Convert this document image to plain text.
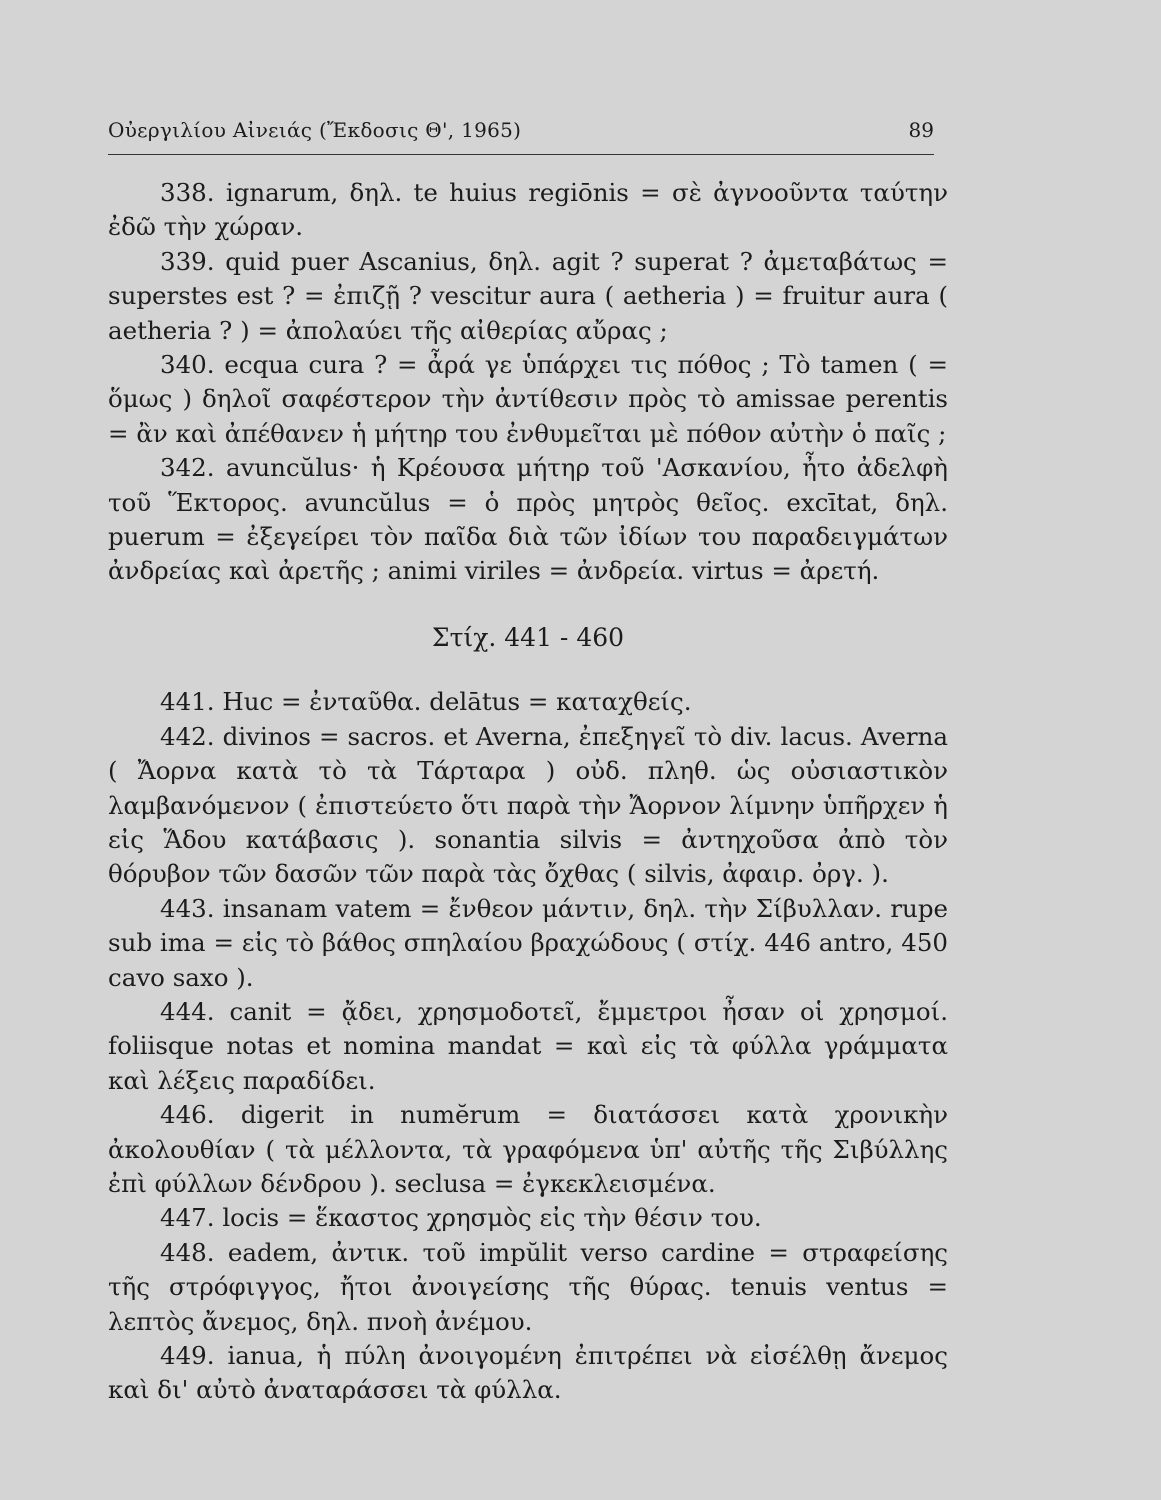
Οὐεργιλίου Αἰνειάς (Ἔκδοσις Θ', 1965)	89

338. ignarum, δηλ. te huius regiōnis = σὲ ἀγνοοῦντα ταύτην ἐδῶ τὴν χώραν.

339. quid puer Ascanius, δηλ. agit ? superat ? ἀμεταβάτως = superstes est ? = ἐπιζῇ ? vescitur aura ( aetheria ) = fruitur aura ( aetheria ? ) = ἀπολαύει τῆς αἰθερίας αὔρας ;

340. ecqua cura ? = ἆρά γε ὑπάρχει τις πόθος ; Τὸ tamen ( = ὅμως ) δηλοῖ σαφέστερον τὴν ἀντίθεσιν πρὸς τὸ amissae perentis = ἂν καὶ ἀπέθανεν ἡ μήτηρ του ἐνθυμεῖται μὲ πόθον αὐτὴν ὁ παῖς ;

342. avuncŭlus· ἡ Κρέουσα μήτηρ τοῦ 'Ασκανίου, ἦτο ἀδελφὴ τοῦ Ἕκτορος. avuncŭlus = ὁ πρὸς μητρὸς θεῖος. excītat, δηλ. puerum = ἐξεγείρει τὸν παῖδα διὰ τῶν ἰδίων του παραδειγμάτων ἀνδρείας καὶ ἀρετῆς ; animi viriles = ἀνδρεία. virtus = ἀρετή.

Στίχ. 441 - 460

441. Huc = ἐνταῦθα. delātus = καταχθείς.

442. divinos = sacros. et Averna, ἐπεξηγεῖ τὸ div. lacus. Averna ( Ἄορνα κατὰ τὸ τὰ Τάρταρα ) οὐδ. πληθ. ὡς οὐσιαστικὸν λαμβανόμενον ( ἐπιστεύετο ὅτι παρὰ τὴν Ἄορνον λίμνην ὑπῆρχεν ἡ εἰς Ἅδου κατάβασις ). sonantia silvis = ἀντηχοῦσα ἀπὸ τὸν θόρυβον τῶν δασῶν τῶν παρὰ τὰς ὄχθας ( silvis, ἀφαιρ. ὀργ. ).

443. insanam vatem = ἔνθεον μάντιν, δηλ. τὴν Σίβυλλαν. rupe sub ima = εἰς τὸ βάθος σπηλαίου βραχώδους ( στίχ. 446 antro, 450 cavo saxo ).

444. canit = ᾄδει, χρησμοδοτεῖ, ἔμμετροι ἦσαν οἱ χρησμοί. foliisque notas et nomina mandat = καὶ εἰς τὰ φύλλα γράμματα καὶ λέξεις παραδίδει.

446. digerit in numĕrum = διατάσσει κατὰ χρονικὴν ἀκολουθίαν ( τὰ μέλλοντα, τὰ γραφόμενα ὑπ' αὐτῆς τῆς Σιβύλλης ἐπὶ φύλλων δένδρου ). seclusa = ἐγκεκλεισμένα.

447. locis = ἕκαστος χρησμὸς εἰς τὴν θέσιν του.

448. eadem, ἀντικ. τοῦ impŭlit verso cardine = στραφείσης τῆς στρόφιγγος, ἤτοι ἀνοιγείσης τῆς θύρας. tenuis ventus = λεπτὸς ἄνεμος, δηλ. πνοὴ ἀνέμου.

449. ianua, ἡ πύλη ἀνοιγομένη ἐπιτρέπει νὰ εἰσέλθῃ ἄνεμος καὶ δι' αὐτὸ ἀναταράσσει τὰ φύλλα.
